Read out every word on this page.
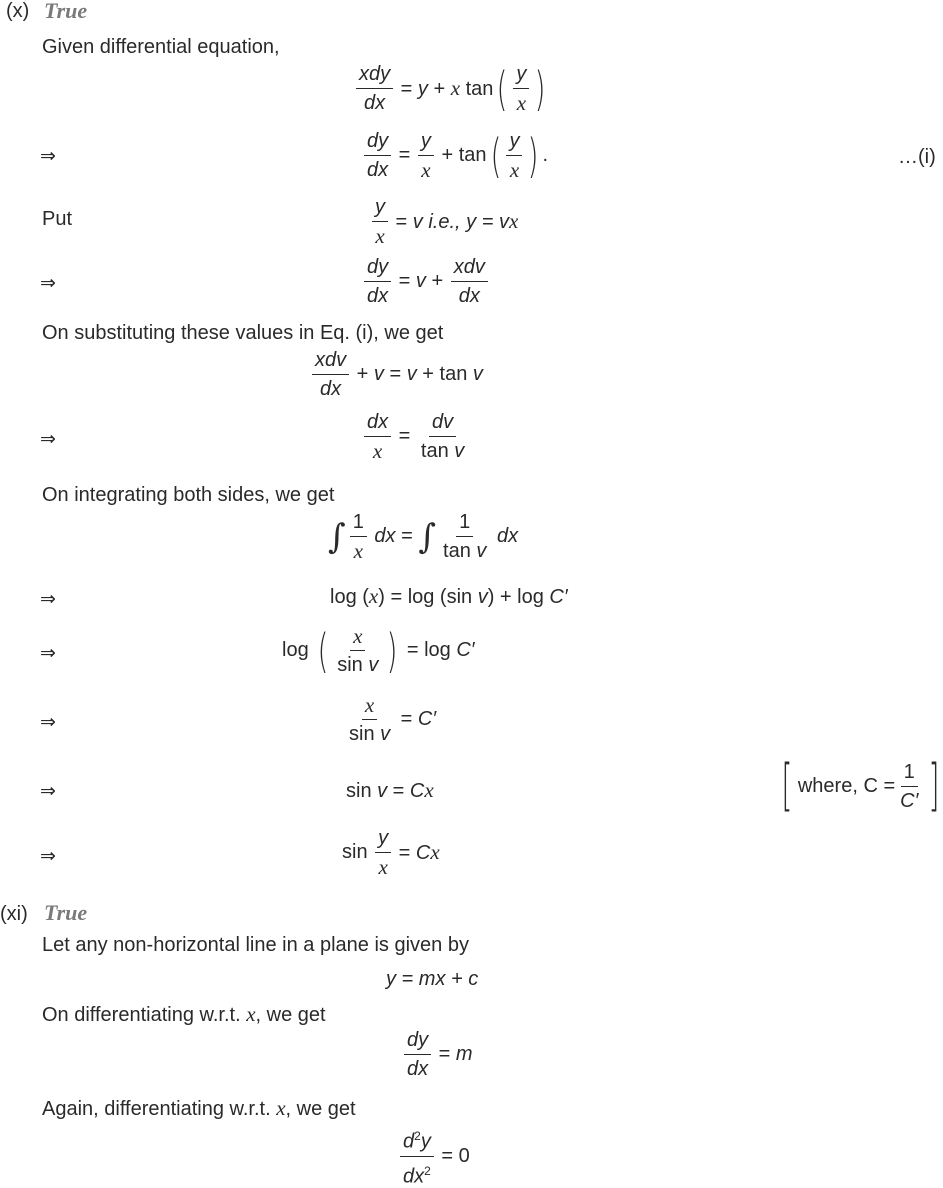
(x) True
Given differential equation,
$\frac{\text{xdy}}{dx} = y + x$ tan ( $\frac{y}{x}$ )
⇒	$\frac{dy}{dx} = \frac{y}{x} + \tan$ ( $\frac{y}{x}$ ) .	…(i)
Put	$\frac{y}{x} = v$ i.e., y = vx
⇒	$\frac{dy}{dx} = v + \frac{\text{xdv}}{dx}$
On substituting these values in Eq. (i), we get
$\frac{\text{xdv}}{dx} + v = v + \tan v$
⇒	$\frac{dx}{x} = \frac{dv}{\text{tan v}}$
On integrating both sides, we get
∫ $\frac{1}{x}$ dx = ∫ $\frac{1}{\text{tan v}}$ dx
⇒	log (x) = log (sin v) + log C′
⇒	log ( $\frac{x}{\text{sin v}}$ ) = log C′
⇒	$\frac{x}{\text{sin v}} = C'$
⇒	sin v = Cx	[ where, $C = \frac{1}{C'}$ ]
⇒	$\sin \frac{y}{x} = Cx$
(xi) True
Let any non-horizontal line in a plane is given by
y = mx + c
On differentiating w.r.t. x, we get
$\frac{dy}{dx} = m$
Again, differentiating w.r.t. x, we get
$\frac{d^2y}{dx^2} = 0$
